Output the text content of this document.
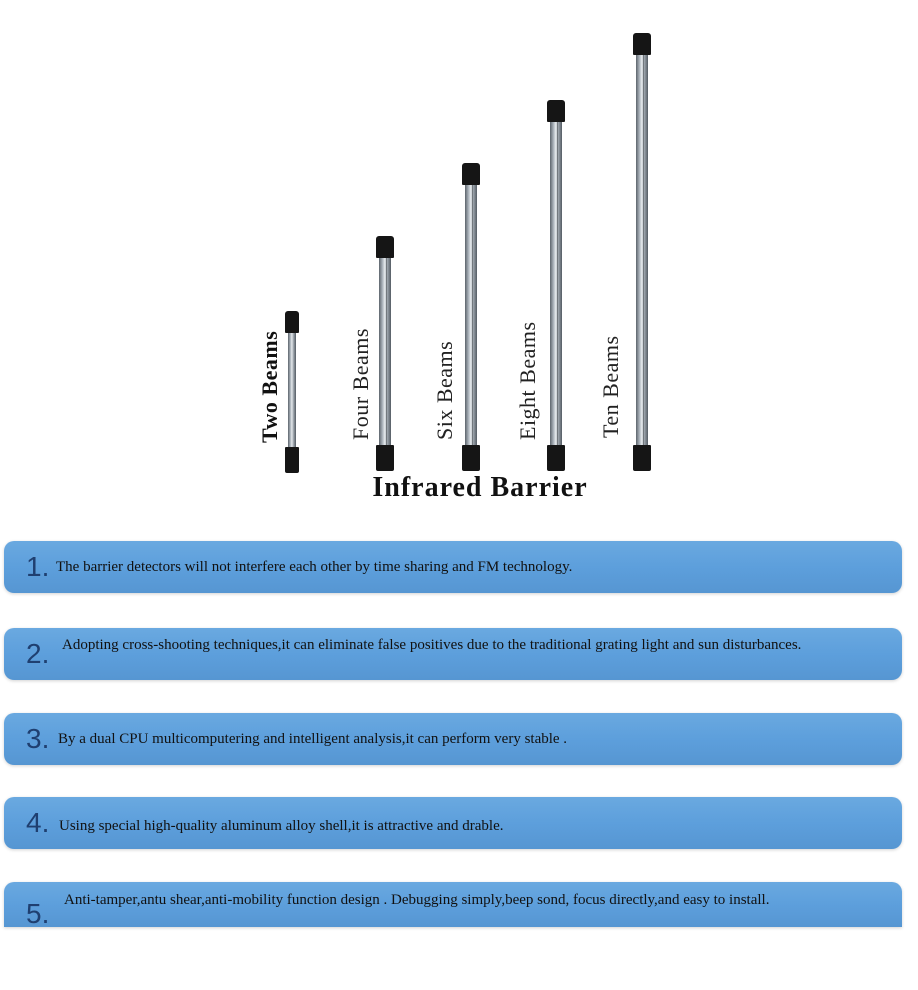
Two Beams	Four Beams	Six Beams	Eight Beams	Ten Beams
Infrared Barrier
1. The barrier detectors will not interfere each other by time sharing and FM technology.
2. Adopting cross-shooting techniques,it can eliminate false positives due to the traditional grating light and sun disturbances.
3. By a dual CPU multicomputering and intelligent analysis,it can perform very stable .
4. Using special high-quality aluminum alloy shell,it is attractive and drable.
5. Anti-tamper,antu shear,anti-mobility function design . Debugging simply,beep sond, focus directly,and easy to install.
